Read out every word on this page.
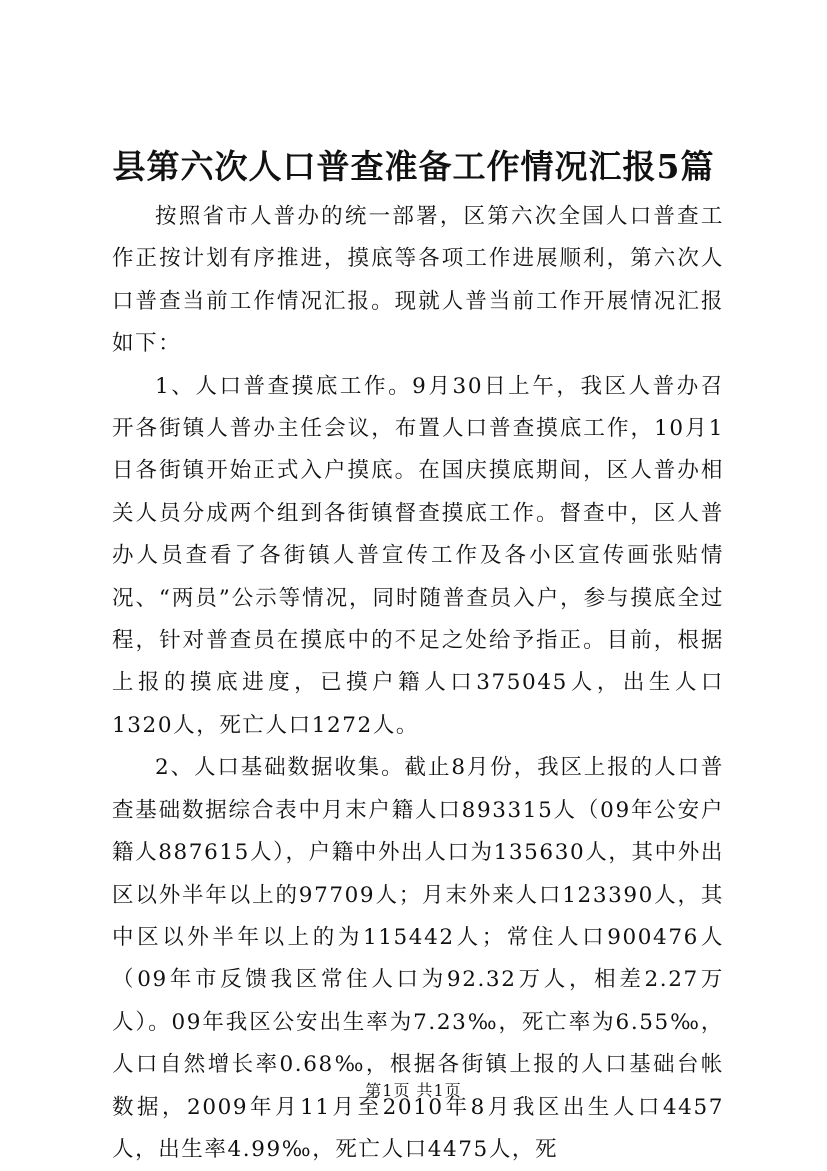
县第六次人口普查准备工作情况汇报5篇

按照省市人普办的统一部署，区第六次全国人口普查工作正按计划有序推进，摸底等各项工作进展顺利，第六次人口普查当前工作情况汇报。现就人普当前工作开展情况汇报如下：

1、人口普查摸底工作。9月30日上午，我区人普办召开各街镇人普办主任会议，布置人口普查摸底工作，10月1日各街镇开始正式入户摸底。在国庆摸底期间，区人普办相关人员分成两个组到各街镇督查摸底工作。督查中，区人普办人员查看了各街镇人普宣传工作及各小区宣传画张贴情况、“两员”公示等情况，同时随普查员入户，参与摸底全过程，针对普查员在摸底中的不足之处给予指正。目前，根据上报的摸底进度，已摸户籍人口375045人，出生人口1320人，死亡人口1272人。

2、人口基础数据收集。截止8月份，我区上报的人口普查基础数据综合表中月末户籍人口893315人（09年公安户籍人887615人），户籍中外出人口为135630人，其中外出区以外半年以上的97709人；月末外来人口123390人，其中区以外半年以上的为115442人；常住人口900476人（09年市反馈我区常住人口为92.32万人，相差2.27万人）。09年我区公安出生率为7.23‰，死亡率为6.55‰，人口自然增长率0.68‰，根据各街镇上报的人口基础台帐数据，2009年月11月至2010年8月我区出生人口4457人，出生率4.99‰，死亡人口4475人，死

第1页 共1页
